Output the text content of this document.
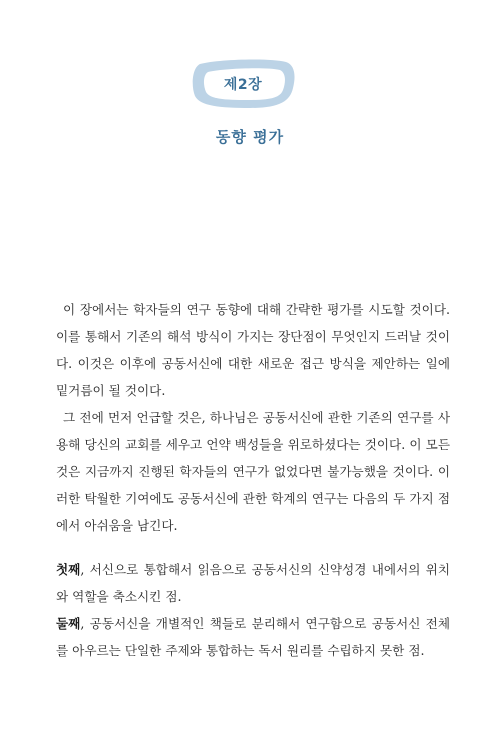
제2장
동향 평가

이 장에서는 학자들의 연구 동향에 대해 간략한 평가를 시도할 것이다. 이를 통해서 기존의 해석 방식이 가지는 장단점이 무엇인지 드러날 것이다. 이것은 이후에 공동서신에 대한 새로운 접근 방식을 제안하는 일에 밑거름이 될 것이다.

그 전에 먼저 언급할 것은, 하나님은 공동서신에 관한 기존의 연구를 사용해 당신의 교회를 세우고 언약 백성들을 위로하셨다는 것이다. 이 모든 것은 지금까지 진행된 학자들의 연구가 없었다면 불가능했을 것이다. 이러한 탁월한 기여에도 공동서신에 관한 학계의 연구는 다음의 두 가지 점에서 아쉬움을 남긴다.

첫째, 서신으로 통합해서 읽음으로 공동서신의 신약성경 내에서의 위치와 역할을 축소시킨 점.

둘째, 공동서신을 개별적인 책들로 분리해서 연구함으로 공동서신 전체를 아우르는 단일한 주제와 통합하는 독서 원리를 수립하지 못한 점.
